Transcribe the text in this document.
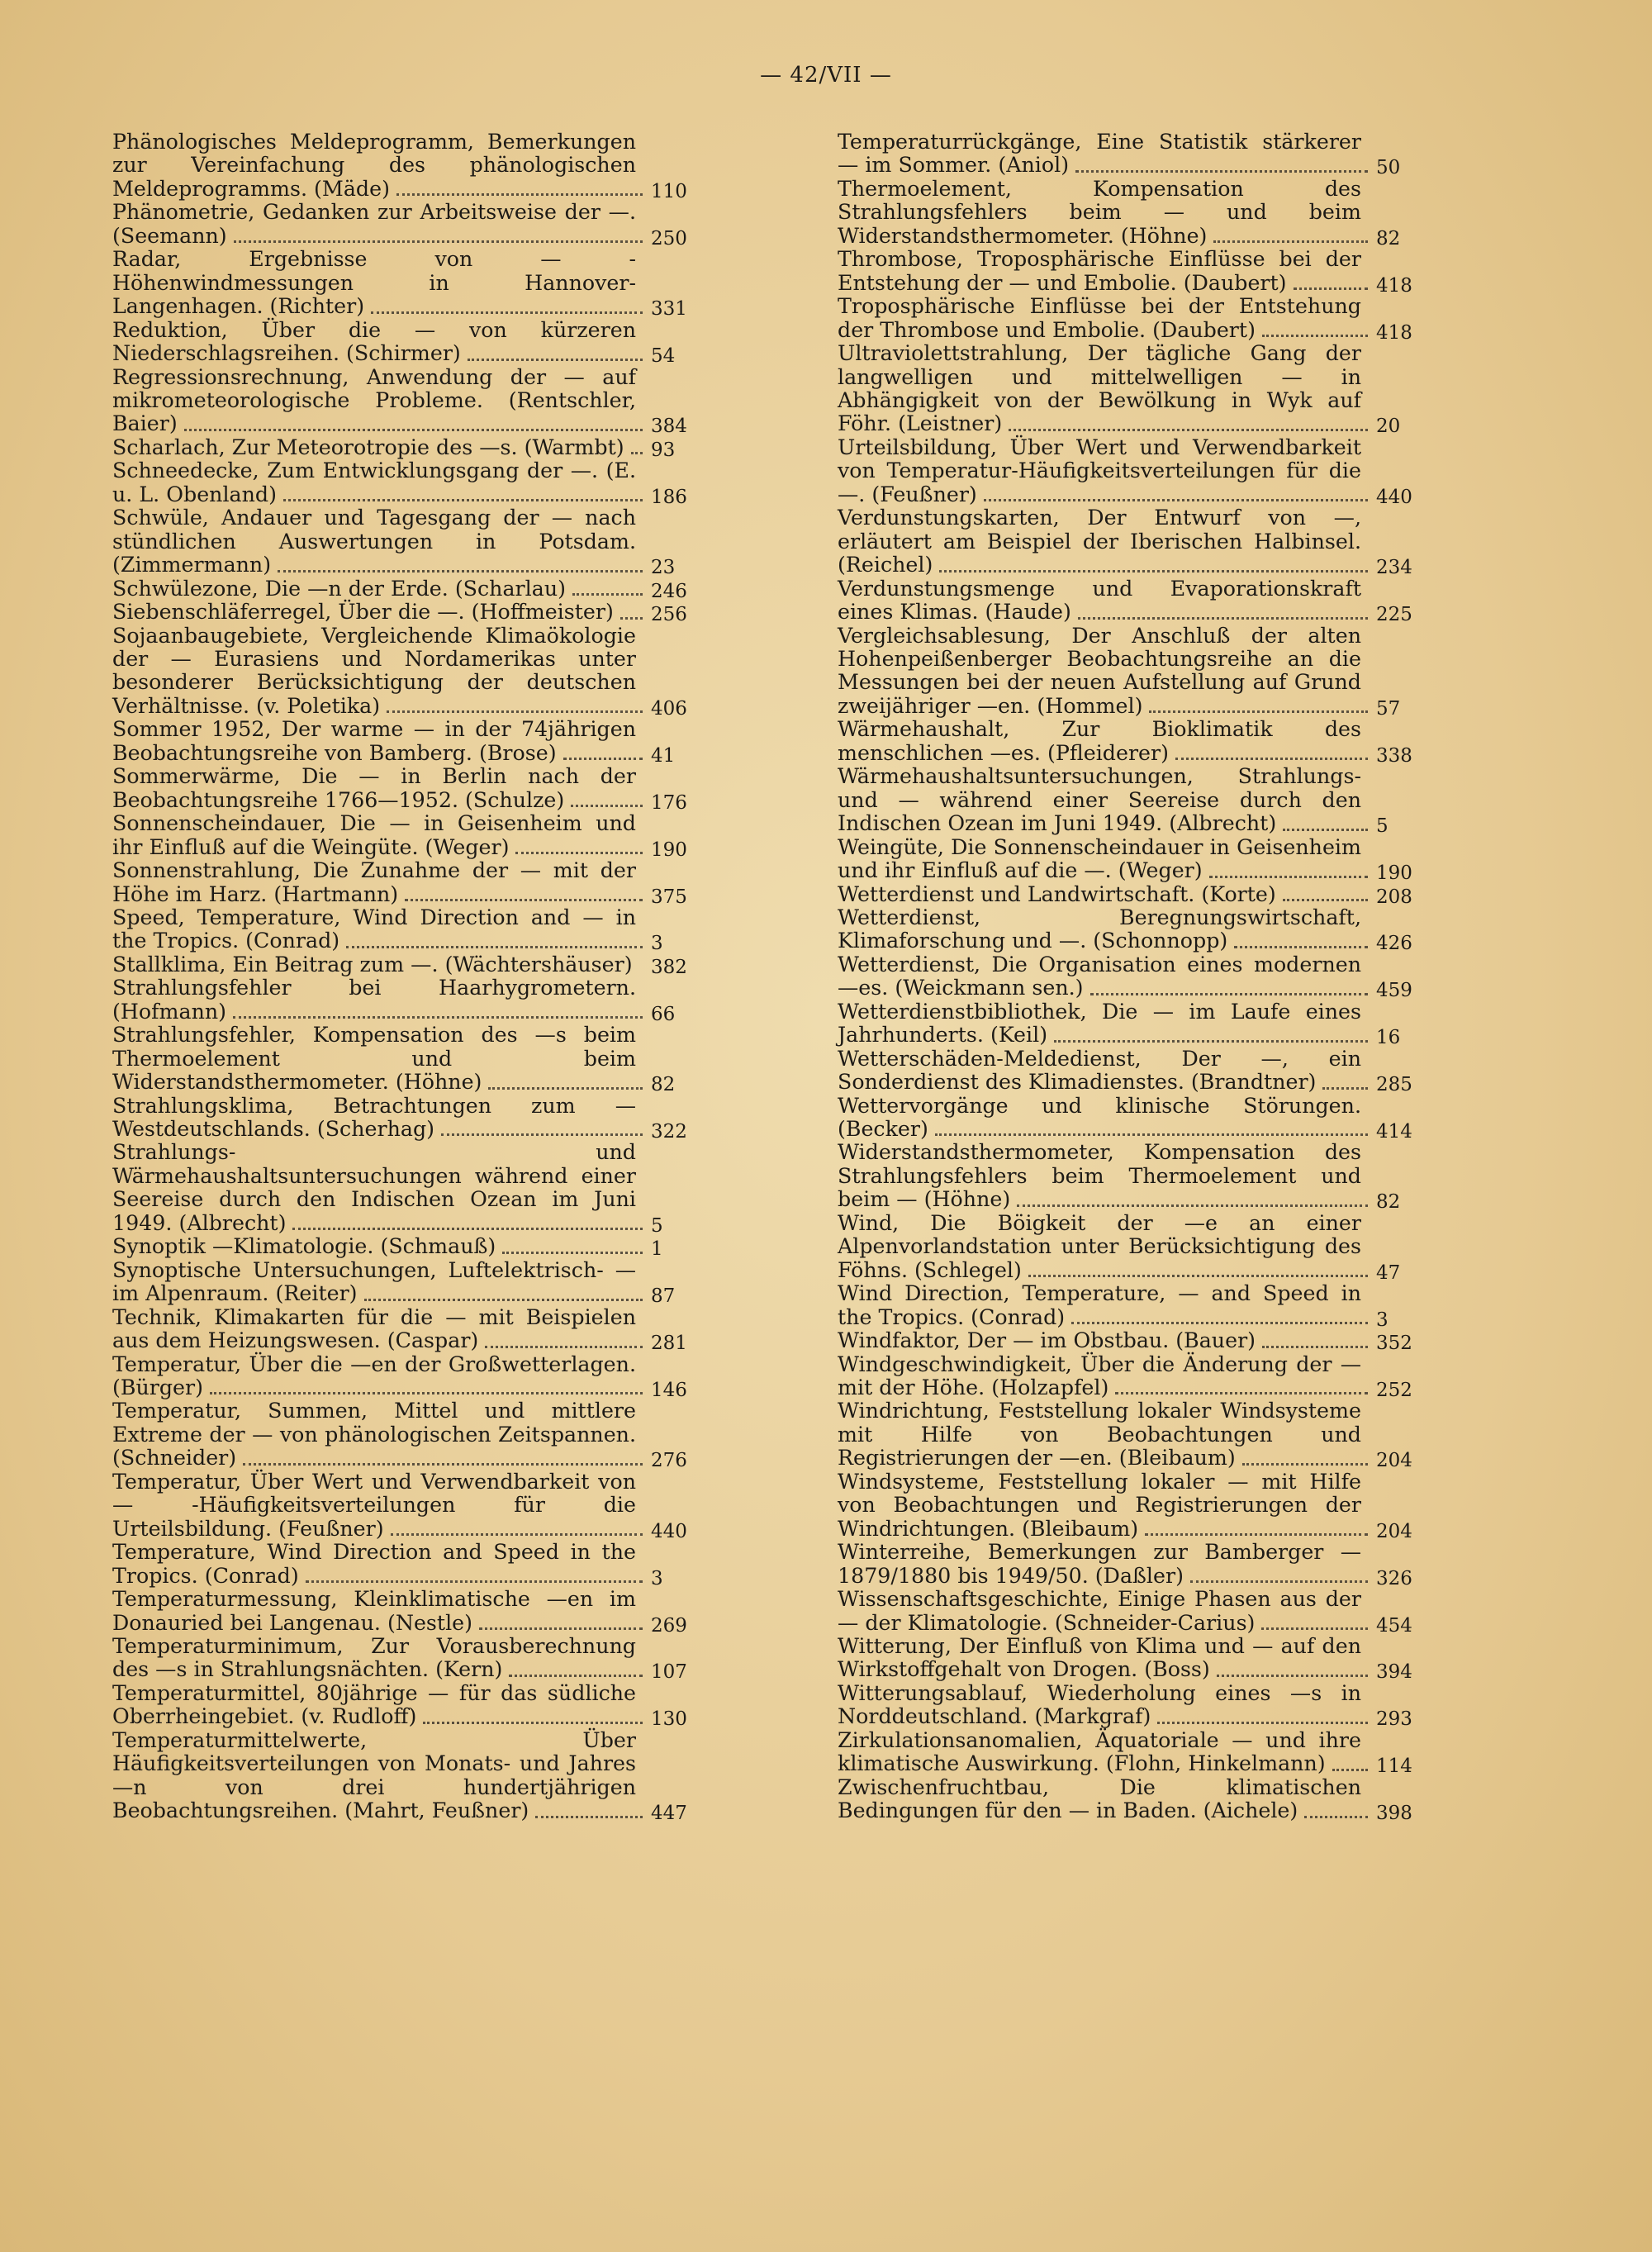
— 42/VII —
Phänologisches Meldeprogramm, Bemerkungen zur Vereinfachung des phänologischen Meldeprogramms. (Mäde)	110
Phänometrie, Gedanken zur Arbeitsweise der —. (Seemann)	250
Radar, Ergebnisse von — - Höhenwindmessungen in Hannover-Langenhagen. (Richter)	331
Reduktion, Über die — von kürzeren Niederschlagsreihen. (Schirmer)	54
Regressionsrechnung, Anwendung der — auf mikrometeorologische Probleme. (Rentschler, Baier)	384
Scharlach, Zur Meteorotropie des —s. (Warmbt) 93
Schneedecke, Zum Entwicklungsgang der —. (E. u. L. Obenland)	186
Schwüle, Andauer und Tagesgang der — nach stündlichen Auswertungen in Potsdam. (Zimmermann)	23
Schwülezone, Die —n der Erde. (Scharlau)	246
Siebenschläferregel, Über die —. (Hoffmeister) 256
Sojaanbaugebiete, Vergleichende Klimaökologie der — Eurasiens und Nordamerikas unter besonderer Berücksichtigung der deutschen Verhältnisse. (v. Poletika)	406
Sommer 1952, Der warme — in der 74jährigen Beobachtungsreihe von Bamberg. (Brose)	41
Sommerwärme, Die — in Berlin nach der Beobachtungsreihe 1766—1952. (Schulze)	176
Sonnenscheindauer, Die — in Geisenheim und ihr Einfluß auf die Weingüte. (Weger)	190
Sonnenstrahlung, Die Zunahme der — mit der Höhe im Harz. (Hartmann)	375
Speed, Temperature, Wind Direction and — in the Tropics. (Conrad)	3
Stallklima, Ein Beitrag zum —. (Wächtershäuser) 382
Strahlungsfehler bei Haarhygrometern. (Hofmann)	66
Strahlungsfehler, Kompensation des —s beim Thermoelement und beim Widerstandsthermometer. (Höhne)	82
Strahlungsklima, Betrachtungen zum — Westdeutschlands. (Scherhag)	322
Strahlungs- und Wärmehaushaltsuntersuchungen während einer Seereise durch den Indischen Ozean im Juni 1949. (Albrecht)	5
Synoptik —Klimatologie. (Schmauß)	1
Synoptische Untersuchungen, Luftelektrisch- — im Alpenraum. (Reiter)	87
Technik, Klimakarten für die — mit Beispielen aus dem Heizungswesen. (Caspar)	281
Temperatur, Über die —en der Großwetterlagen. (Bürger)	146
Temperatur, Summen, Mittel und mittlere Extreme der — von phänologischen Zeitspannen. (Schneider)	276
Temperatur, Über Wert und Verwendbarkeit von — -Häufigkeitsverteilungen für die Urteilsbildung. (Feußner)	440
Temperature, Wind Direction and Speed in the Tropics. (Conrad)	3
Temperaturmessung, Kleinklimatische —en im Donauried bei Langenau. (Nestle)	269
Temperaturminimum, Zur Vorausberechnung des —s in Strahlungsnächten. (Kern)	107
Temperaturmittel, 80jährige — für das südliche Oberrheingebiet. (v. Rudloff)	130
Temperaturmittelwerte, Über Häufigkeitsverteilungen von Monats- und Jahres —n von drei hundertjährigen Beobachtungsreihen. (Mahrt, Feußner)	447
Temperaturrückgänge, Eine Statistik stärkerer — im Sommer. (Aniol)	50
Thermoelement, Kompensation des Strahlungsfehlers beim — und beim Widerstandsthermometer. (Höhne)	82
Thrombose, Troposphärische Einflüsse bei der Entstehung der — und Embolie. (Daubert)	418
Troposphärische Einflüsse bei der Entstehung der Thrombose und Embolie. (Daubert)	418
Ultraviolettstrahlung, Der tägliche Gang der langwelligen und mittelwelligen — in Abhängigkeit von der Bewölkung in Wyk auf Föhr. (Leistner)	20
Urteilsbildung, Über Wert und Verwendbarkeit von Temperatur-Häufigkeitsverteilungen für die —. (Feußner)	440
Verdunstungskarten, Der Entwurf von —, erläutert am Beispiel der Iberischen Halbinsel. (Reichel)	234
Verdunstungsmenge und Evaporationskraft eines Klimas. (Haude)	225
Vergleichsablesung, Der Anschluß der alten Hohenpeißenberger Beobachtungsreihe an die Messungen bei der neuen Aufstellung auf Grund zweijähriger —en. (Hommel)	57
Wärmehaushalt, Zur Bioklimatik des menschlichen —es. (Pfleiderer)	338
Wärmehaushaltsuntersuchungen, Strahlungs- und — während einer Seereise durch den Indischen Ozean im Juni 1949. (Albrecht)	5
Weingüte, Die Sonnenscheindauer in Geisenheim und ihr Einfluß auf die —. (Weger)	190
Wetterdienst und Landwirtschaft. (Korte)	208
Wetterdienst, Beregnungswirtschaft, Klimaforschung und —. (Schonnopp)	426
Wetterdienst, Die Organisation eines modernen —es. (Weickmann sen.)	459
Wetterdienstbibliothek, Die — im Laufe eines Jahrhunderts. (Keil)	16
Wetterschäden-Meldedienst, Der —, ein Sonderdienst des Klimadienstes. (Brandtner)	285
Wettervorgänge und klinische Störungen. (Becker)	414
Widerstandsthermometer, Kompensation des Strahlungsfehlers beim Thermoelement und beim — (Höhne)	82
Wind, Die Böigkeit der —e an einer Alpenvorlandstation unter Berücksichtigung des Föhns. (Schlegel)	47
Wind Direction, Temperature, — and Speed in the Tropics. (Conrad)	3
Windfaktor, Der — im Obstbau. (Bauer)	352
Windgeschwindigkeit, Über die Änderung der — mit der Höhe. (Holzapfel)	252
Windrichtung, Feststellung lokaler Windsysteme mit Hilfe von Beobachtungen und Registrierungen der —en. (Bleibaum)	204
Windsysteme, Feststellung lokaler — mit Hilfe von Beobachtungen und Registrierungen der Windrichtungen. (Bleibaum)	204
Winterreihe, Bemerkungen zur Bamberger — 1879/1880 bis 1949/50. (Daßler)	326
Wissenschaftsgeschichte, Einige Phasen aus der — der Klimatologie. (Schneider-Carius)	454
Witterung, Der Einfluß von Klima und — auf den Wirkstoffgehalt von Drogen. (Boss)	394
Witterungsablauf, Wiederholung eines —s in Norddeutschland. (Markgraf)	293
Zirkulationsanomalien, Äquatoriale — und ihre klimatische Auswirkung. (Flohn, Hinkelmann)	114
Zwischenfruchtbau, Die klimatischen Bedingungen für den — in Baden. (Aichele)	398
